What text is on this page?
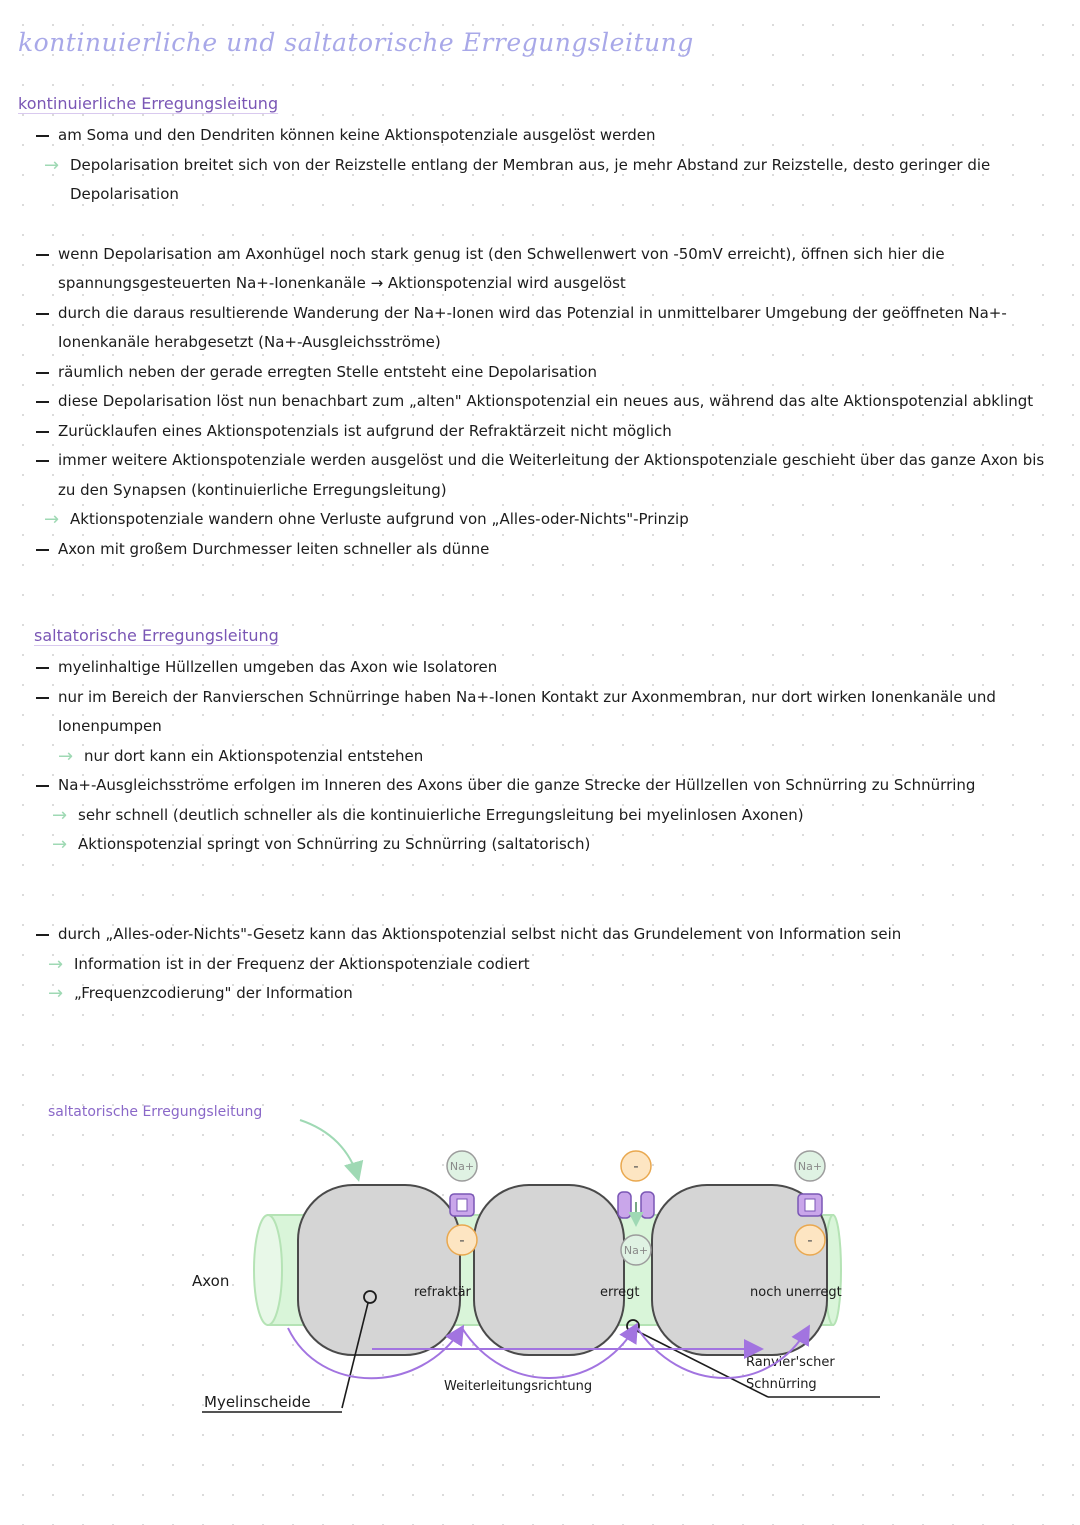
kontinuierliche und saltatorische Erregungsleitung
kontinuierliche Erregungsleitung
am Soma und den Dendriten können keine Aktionspotenziale ausgelöst werden
→ Depolarisation breitet sich von der Reizstelle entlang der Membran aus, je mehr Abstand zur Reizstelle, desto geringer die Depolarisation
wenn Depolarisation am Axonhügel noch stark genug ist (den Schwellenwert von -50mV erreicht), öffnen sich hier die spannungsgesteuerten Na+-Ionenkanäle → Aktionspotenzial wird ausgelöst
durch die daraus resultierende Wanderung der Na+-Ionen wird das Potenzial in unmittelbarer Umgebung der geöffneten Na+-Ionenkanäle herabgesetzt (Na+-Ausgleichsströme)
räumlich neben der gerade erregten Stelle entsteht eine Depolarisation
diese Depolarisation löst nun benachbart zum „alten" Aktionspotenzial ein neues aus, während das alte Aktionspotenzial abklingt
Zurücklaufen eines Aktionspotenzials ist aufgrund der Refraktärzeit nicht möglich
immer weitere Aktionspotenziale werden ausgelöst und die Weiterleitung der Aktionspotenziale geschieht über das ganze Axon bis zu den Synapsen (kontinuierliche Erregungsleitung)
→ Aktionspotenziale wandern ohne Verluste aufgrund von „Alles-oder-Nichts"-Prinzip
Axon mit großem Durchmesser leiten schneller als dünne
saltatorische Erregungsleitung
myelinhaltige Hüllzellen umgeben das Axon wie Isolatoren
nur im Bereich der Ranvierschen Schnürringe haben Na+-Ionen Kontakt zur Axonmembran, nur dort wirken Ionenkanäle und Ionenpumpen
→ nur dort kann ein Aktionspotenzial entstehen
Na+-Ausgleichsströme erfolgen im Inneren des Axons über die ganze Strecke der Hüllzellen von Schnürring zu Schnürring
→ sehr schnell (deutlich schneller als die kontinuierliche Erregungsleitung bei myelinlosen Axonen)
→ Aktionspotenzial springt von Schnürring zu Schnürring (saltatorisch)
durch „Alles-oder-Nichts"-Gesetz kann das Aktionspotenzial selbst nicht das Grundelement von Information sein
→ Information ist in der Frequenz der Aktionspotenziale codiert
→ „Frequenzcodierung" der Information
saltatorische Erregungsleitung
Na+
-
-
Na+
Na+
-
Axon
refraktär	erregt	noch unerregt
Myelinscheide
Ranvier'scher
Schnürring
Weiterleitungsrichtung
